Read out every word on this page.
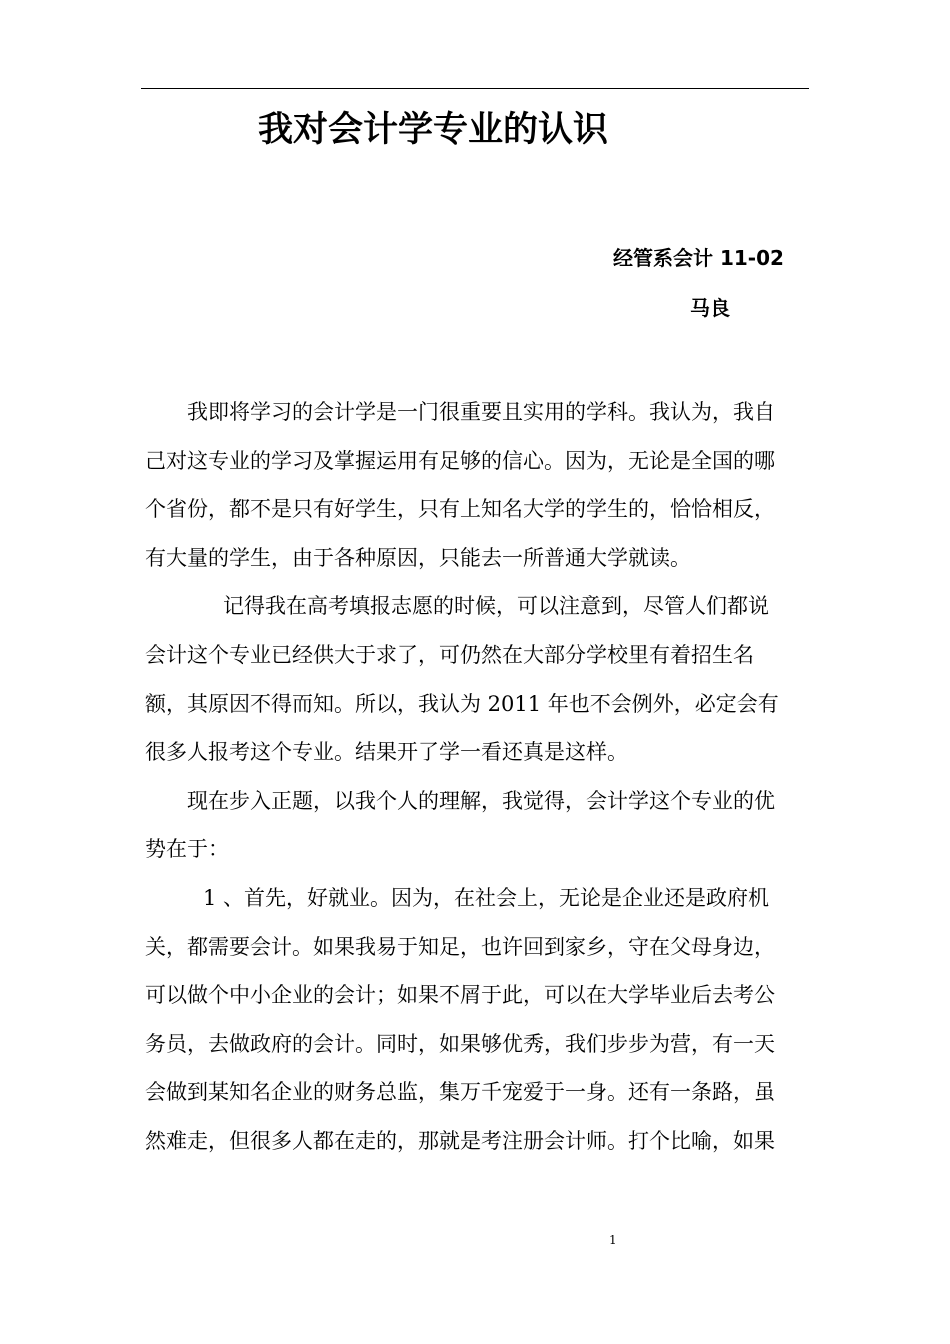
我对会计学专业的认识
经管系会计 11-02
马良
我即将学习的会计学是一门很重要且实用的学科。我认为，我自
己对这专业的学习及掌握运用有足够的信心。因为，无论是全国的哪
个省份，都不是只有好学生，只有上知名大学的学生的，恰恰相反，
有大量的学生，由于各种原因，只能去一所普通大学就读。
记得我在高考填报志愿的时候，可以注意到，尽管人们都说
会计这个专业已经供大于求了，可仍然在大部分学校里有着招生名
额，其原因不得而知。所以，我认为 2011 年也不会例外，必定会有
很多人报考这个专业。结果开了学一看还真是这样。
现在步入正题，以我个人的理解，我觉得，会计学这个专业的优
势在于：
1 、首先，好就业。因为，在社会上，无论是企业还是政府机
关，都需要会计。如果我易于知足，也许回到家乡，守在父母身边，
可以做个中小企业的会计；如果不屑于此，可以在大学毕业后去考公
务员，去做政府的会计。同时，如果够优秀，我们步步为营，有一天
会做到某知名企业的财务总监，集万千宠爱于一身。还有一条路，虽
然难走，但很多人都在走的，那就是考注册会计师。打个比喻，如果
1
